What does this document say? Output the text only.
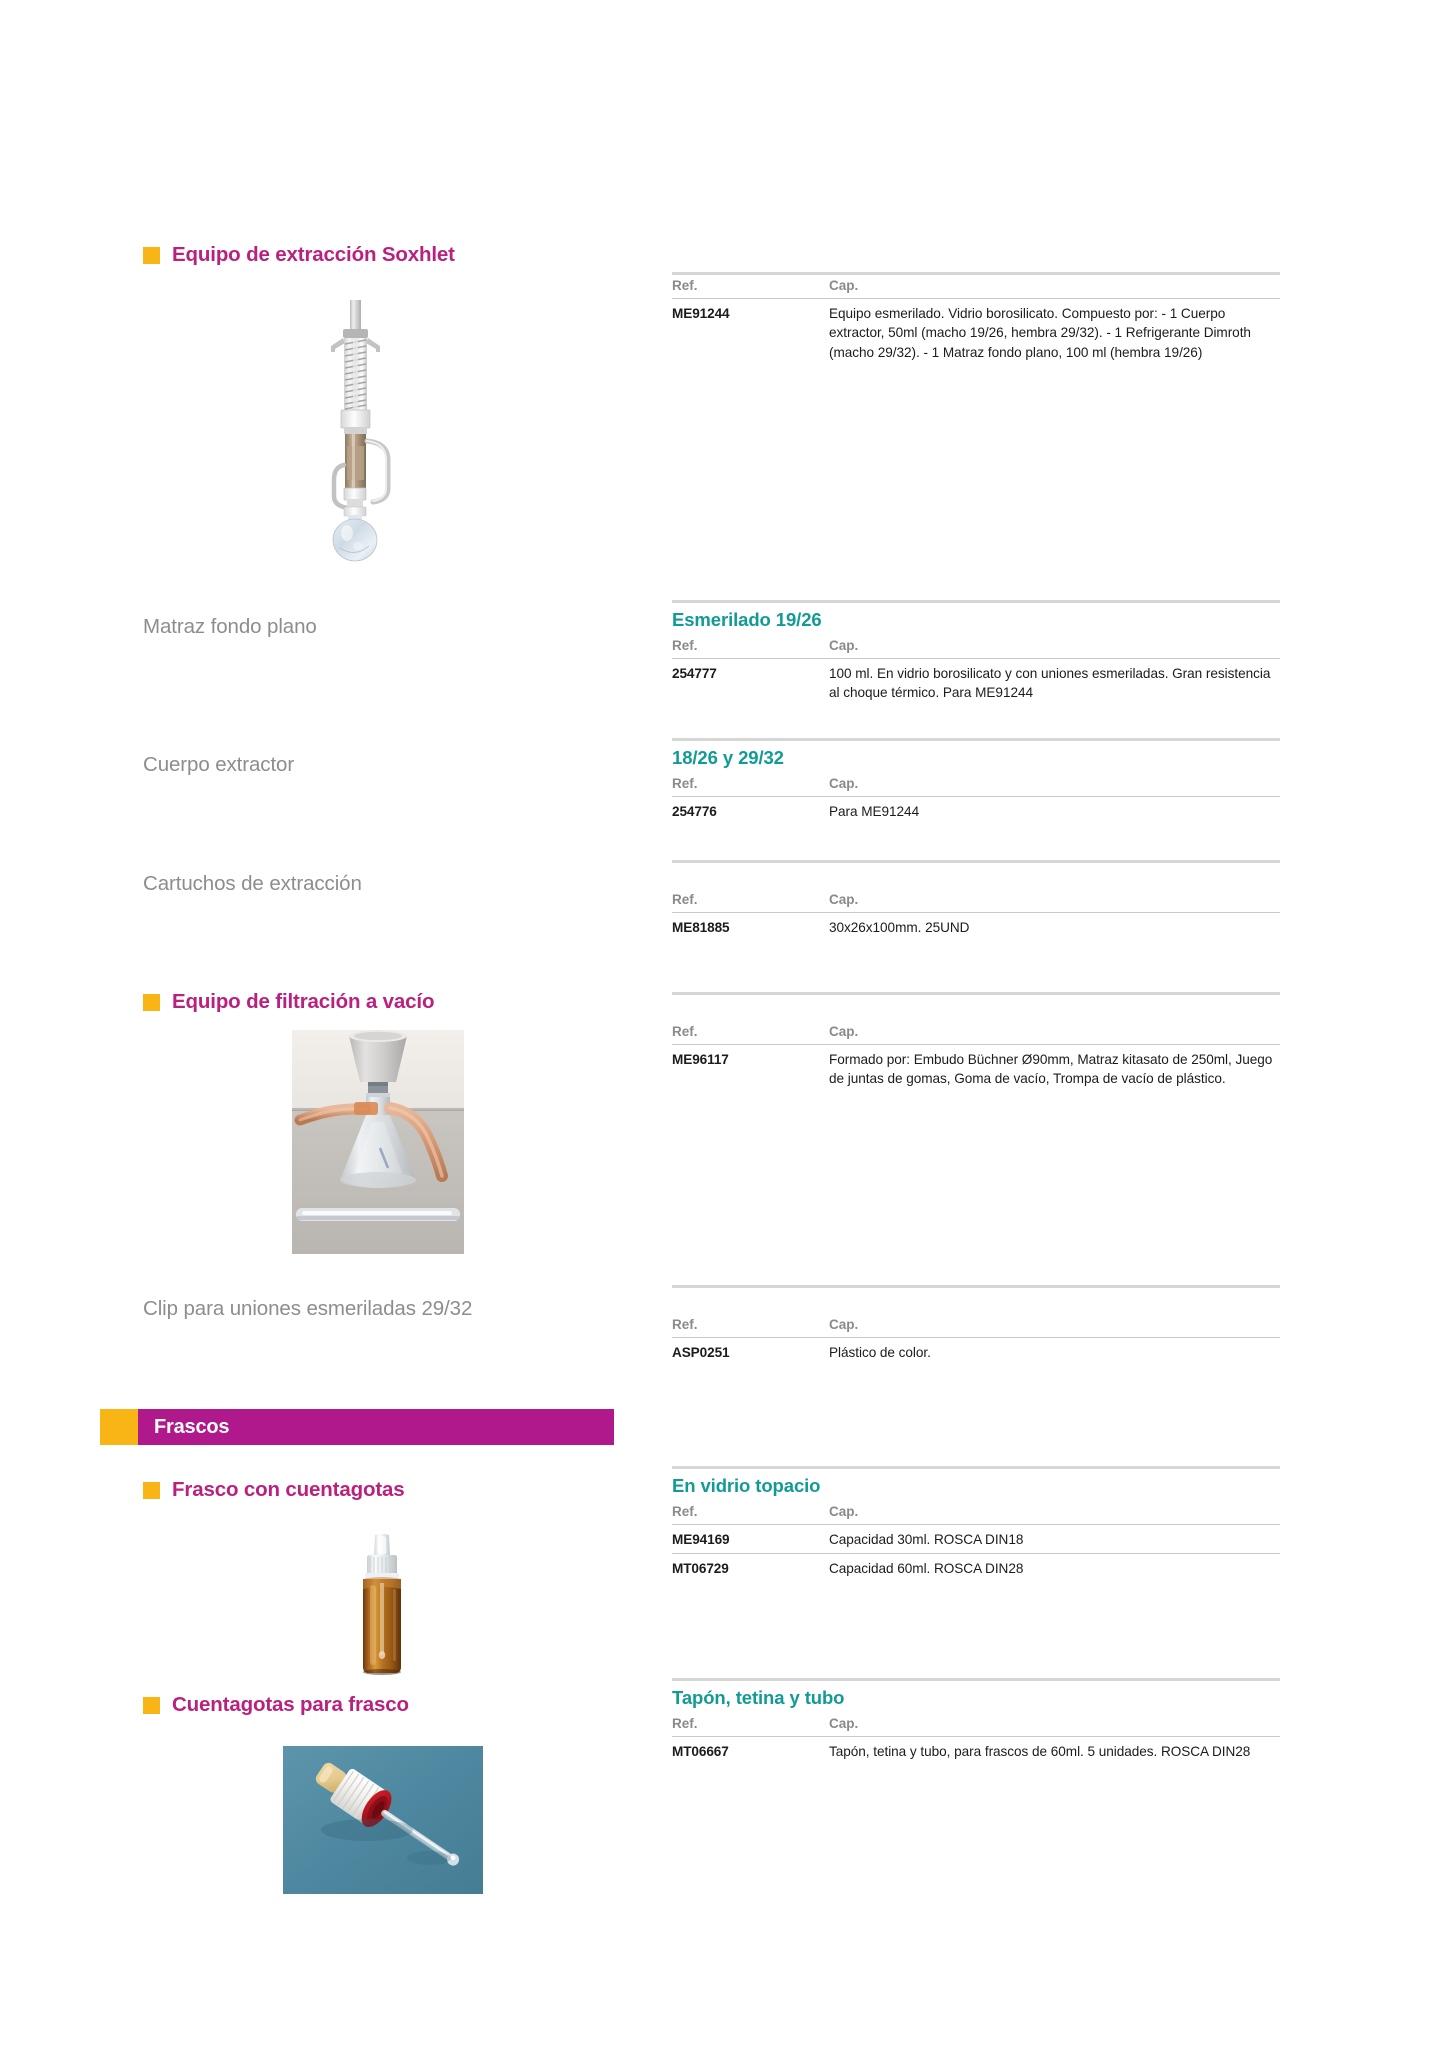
Equipo de extracción Soxhlet
Ref.	Cap.
ME91244	Equipo esmerilado. Vidrio borosilicato. Compuesto por: - 1 Cuerpo extractor, 50ml (macho 19/26, hembra 29/32). - 1 Refrigerante Dimroth (macho 29/32). - 1 Matraz fondo plano, 100 ml (hembra 19/26)
Matraz fondo plano	Esmerilado 19/26
Ref.	Cap.
254777	100 ml. En vidrio borosilicato y con uniones esmeriladas. Gran resistencia al choque térmico. Para ME91244
Cuerpo extractor	18/26 y 29/32
Ref.	Cap.
254776	Para ME91244
Cartuchos de extracción
Ref.	Cap.
ME81885	30x26x100mm. 25UND
Equipo de filtración a vacío
Ref.	Cap.
ME96117	Formado por: Embudo Büchner Ø90mm, Matraz kitasato de 250ml, Juego de juntas de gomas, Goma de vacío, Trompa de vacío de plástico.
Clip para uniones esmeriladas 29/32
Ref.	Cap.
ASP0251	Plástico de color.
Frascos
Frasco con cuentagotas	En vidrio topacio
Ref.	Cap.
ME94169	Capacidad 30ml. ROSCA DIN18
MT06729	Capacidad 60ml. ROSCA DIN28
Cuentagotas para frasco	Tapón, tetina y tubo
Ref.	Cap.
MT06667	Tapón, tetina y tubo, para frascos de 60ml. 5 unidades. ROSCA DIN28
